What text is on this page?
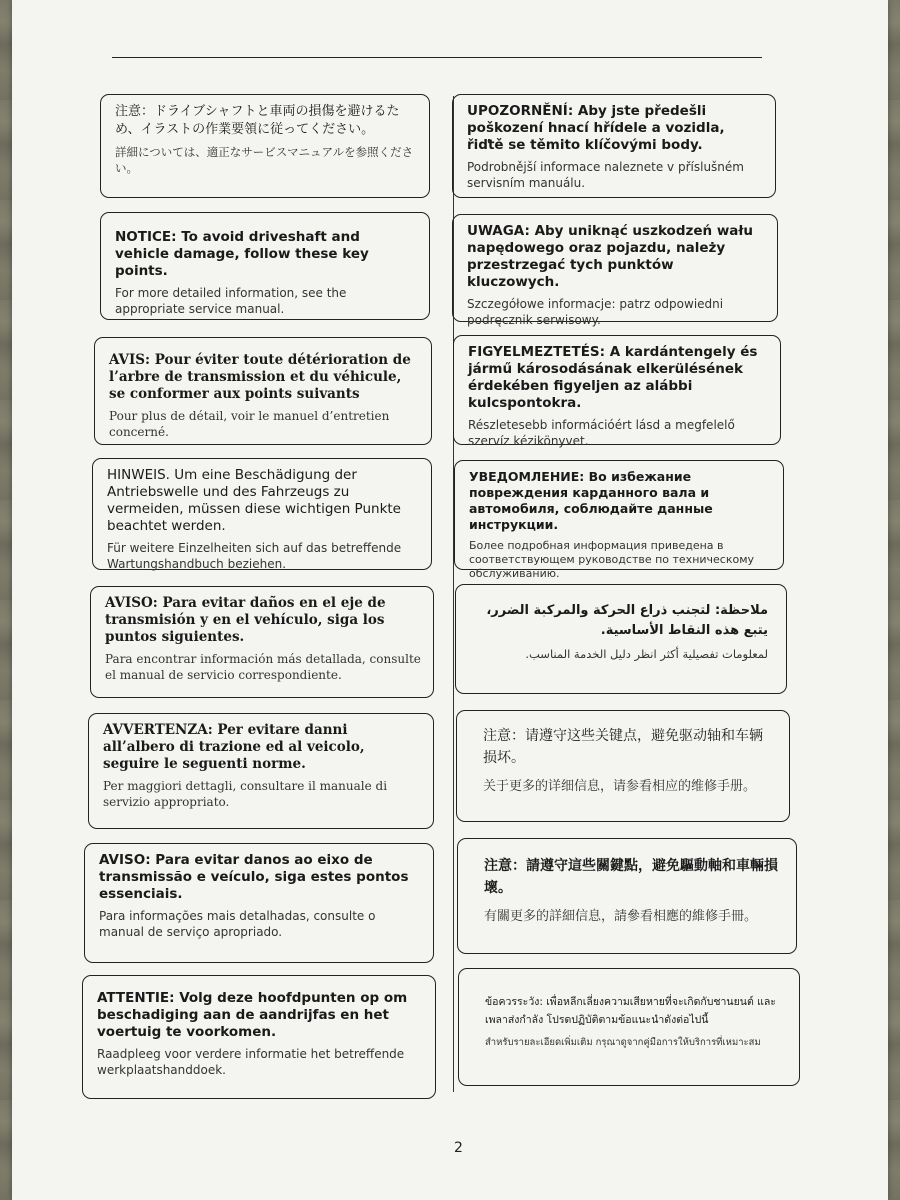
注意：ドライブシャフトと車両の損傷を避けるため、イラストの作業要領に従ってください。
詳細については、適正なサービスマニュアルを参照ください。
NOTICE: To avoid driveshaft and vehicle damage, follow these key points.
For more detailed information, see the appropriate service manual.
AVIS: Pour éviter toute détérioration de l’arbre de transmission et du véhicule, se conformer aux points suivants
Pour plus de détail, voir le manuel d’entretien concerné.
HINWEIS. Um eine Beschädigung der Antriebswelle und des Fahrzeugs zu vermeiden, müssen diese wichtigen Punkte beachtet werden.
Für weitere Einzelheiten sich auf das betreffende Wartungshandbuch beziehen.
AVISO: Para evitar daños en el eje de transmisión y en el vehículo, siga los puntos siguientes.
Para encontrar información más detallada, consulte el manual de servicio correspondiente.
AVVERTENZA: Per evitare danni all’albero di trazione ed al veicolo, seguire le seguenti norme.
Per maggiori dettagli, consultare il manuale di servizio appropriato.
AVISO: Para evitar danos ao eixo de transmissão e veículo, siga estes pontos essenciais.
Para informações mais detalhadas, consulte o manual de serviço apropriado.
ATTENTIE: Volg deze hoofdpunten op om beschadiging aan de aandrijfas en het voertuig te voorkomen.
Raadpleeg voor verdere informatie het betreffende werkplaatshanddoek.
UPOZORNĚNÍ: Aby jste předešli poškození hnací hřídele a vozidla, řiďtě se těmito klíčovými body.
Podrobnější informace naleznete v příslušném servisním manuálu.
UWAGA: Aby uniknąć uszkodzeń wału napędowego oraz pojazdu, należy przestrzegać tych punktów kluczowych.
Szczegółowe informacje: patrz odpowiedni podręcznik serwisowy.
FIGYELMEZTETÉS: A kardántengely és jármű károsodásának elkerülésének érdekében figyeljen az alábbi kulcspontokra.
Részletesebb információért lásd a megfelelő szervíz kézikönyvet.
УВЕДОМЛЕНИЕ: Во избежание повреждения карданного вала и автомобиля, соблюдайте данные инструкции.
Более подробная информация приведена в соответствующем руководстве по техническому обслуживанию.
ملاحظة: لتجنب ذراع الحركة والمركبة الضرر، يتبع هذه النقاط الأساسية.
لمعلومات تفصيلية أكثر انظر دليل الخدمة المناسب.
注意：请遵守这些关键点，避免驱动轴和车辆损坏。
关于更多的详细信息，请参看相应的维修手册。
注意：請遵守這些關鍵點，避免驅動軸和車輛損壞。
有關更多的詳細信息，請參看相應的維修手冊。
ข้อควรระวัง: เพื่อหลีกเลี่ยงความเสียหายที่จะเกิดกับชานยนต์ และเพลาส่งกำลัง โปรดปฏิบัติตามข้อแนะนำดังต่อไปนี้
สำหรับรายละเอียดเพิ่มเติม กรุณาดูจากคู่มือการให้บริการที่เหมาะสม
2
